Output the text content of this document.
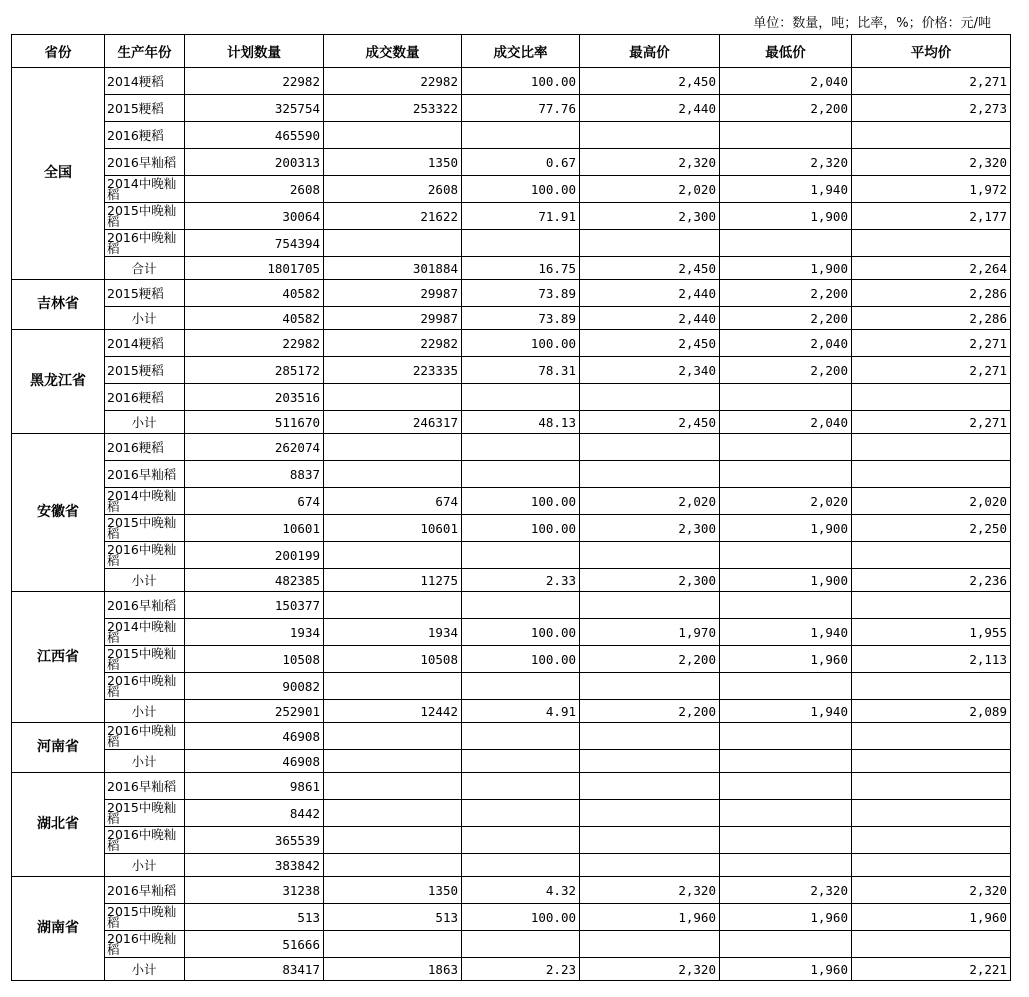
单位：数量，吨；比率，%；价格：元/吨
省份	生产年份	计划数量	成交数量	成交比率	最高价	最低价	平均价
全国	2014粳稻	22982	22982	100.00	2,450	2,040	2,271
	2015粳稻	325754	253322	77.76	2,440	2,200	2,273
	2016粳稻	465590					
	2016早籼稻	200313	1350	0.67	2,320	2,320	2,320
	2014中晚籼稻	2608	2608	100.00	2,020	1,940	1,972
	2015中晚籼稻	30064	21622	71.91	2,300	1,900	2,177
	2016中晚籼稻	754394					
	合计	1801705	301884	16.75	2,450	1,900	2,264
吉林省	2015粳稻	40582	29987	73.89	2,440	2,200	2,286
	小计	40582	29987	73.89	2,440	2,200	2,286
黑龙江省	2014粳稻	22982	22982	100.00	2,450	2,040	2,271
	2015粳稻	285172	223335	78.31	2,340	2,200	2,271
	2016粳稻	203516					
	小计	511670	246317	48.13	2,450	2,040	2,271
安徽省	2016粳稻	262074					
	2016早籼稻	8837					
	2014中晚籼稻	674	674	100.00	2,020	2,020	2,020
	2015中晚籼稻	10601	10601	100.00	2,300	1,900	2,250
	2016中晚籼稻	200199					
	小计	482385	11275	2.33	2,300	1,900	2,236
江西省	2016早籼稻	150377					
	2014中晚籼稻	1934	1934	100.00	1,970	1,940	1,955
	2015中晚籼稻	10508	10508	100.00	2,200	1,960	2,113
	2016中晚籼稻	90082					
	小计	252901	12442	4.91	2,200	1,940	2,089
河南省	2016中晚籼稻	46908					
	小计	46908					
湖北省	2016早籼稻	9861					
	2015中晚籼稻	8442					
	2016中晚籼稻	365539					
	小计	383842					
湖南省	2016早籼稻	31238	1350	4.32	2,320	2,320	2,320
	2015中晚籼稻	513	513	100.00	1,960	1,960	1,960
	2016中晚籼稻	51666					
	小计	83417	1863	2.23	2,320	1,960	2,221
